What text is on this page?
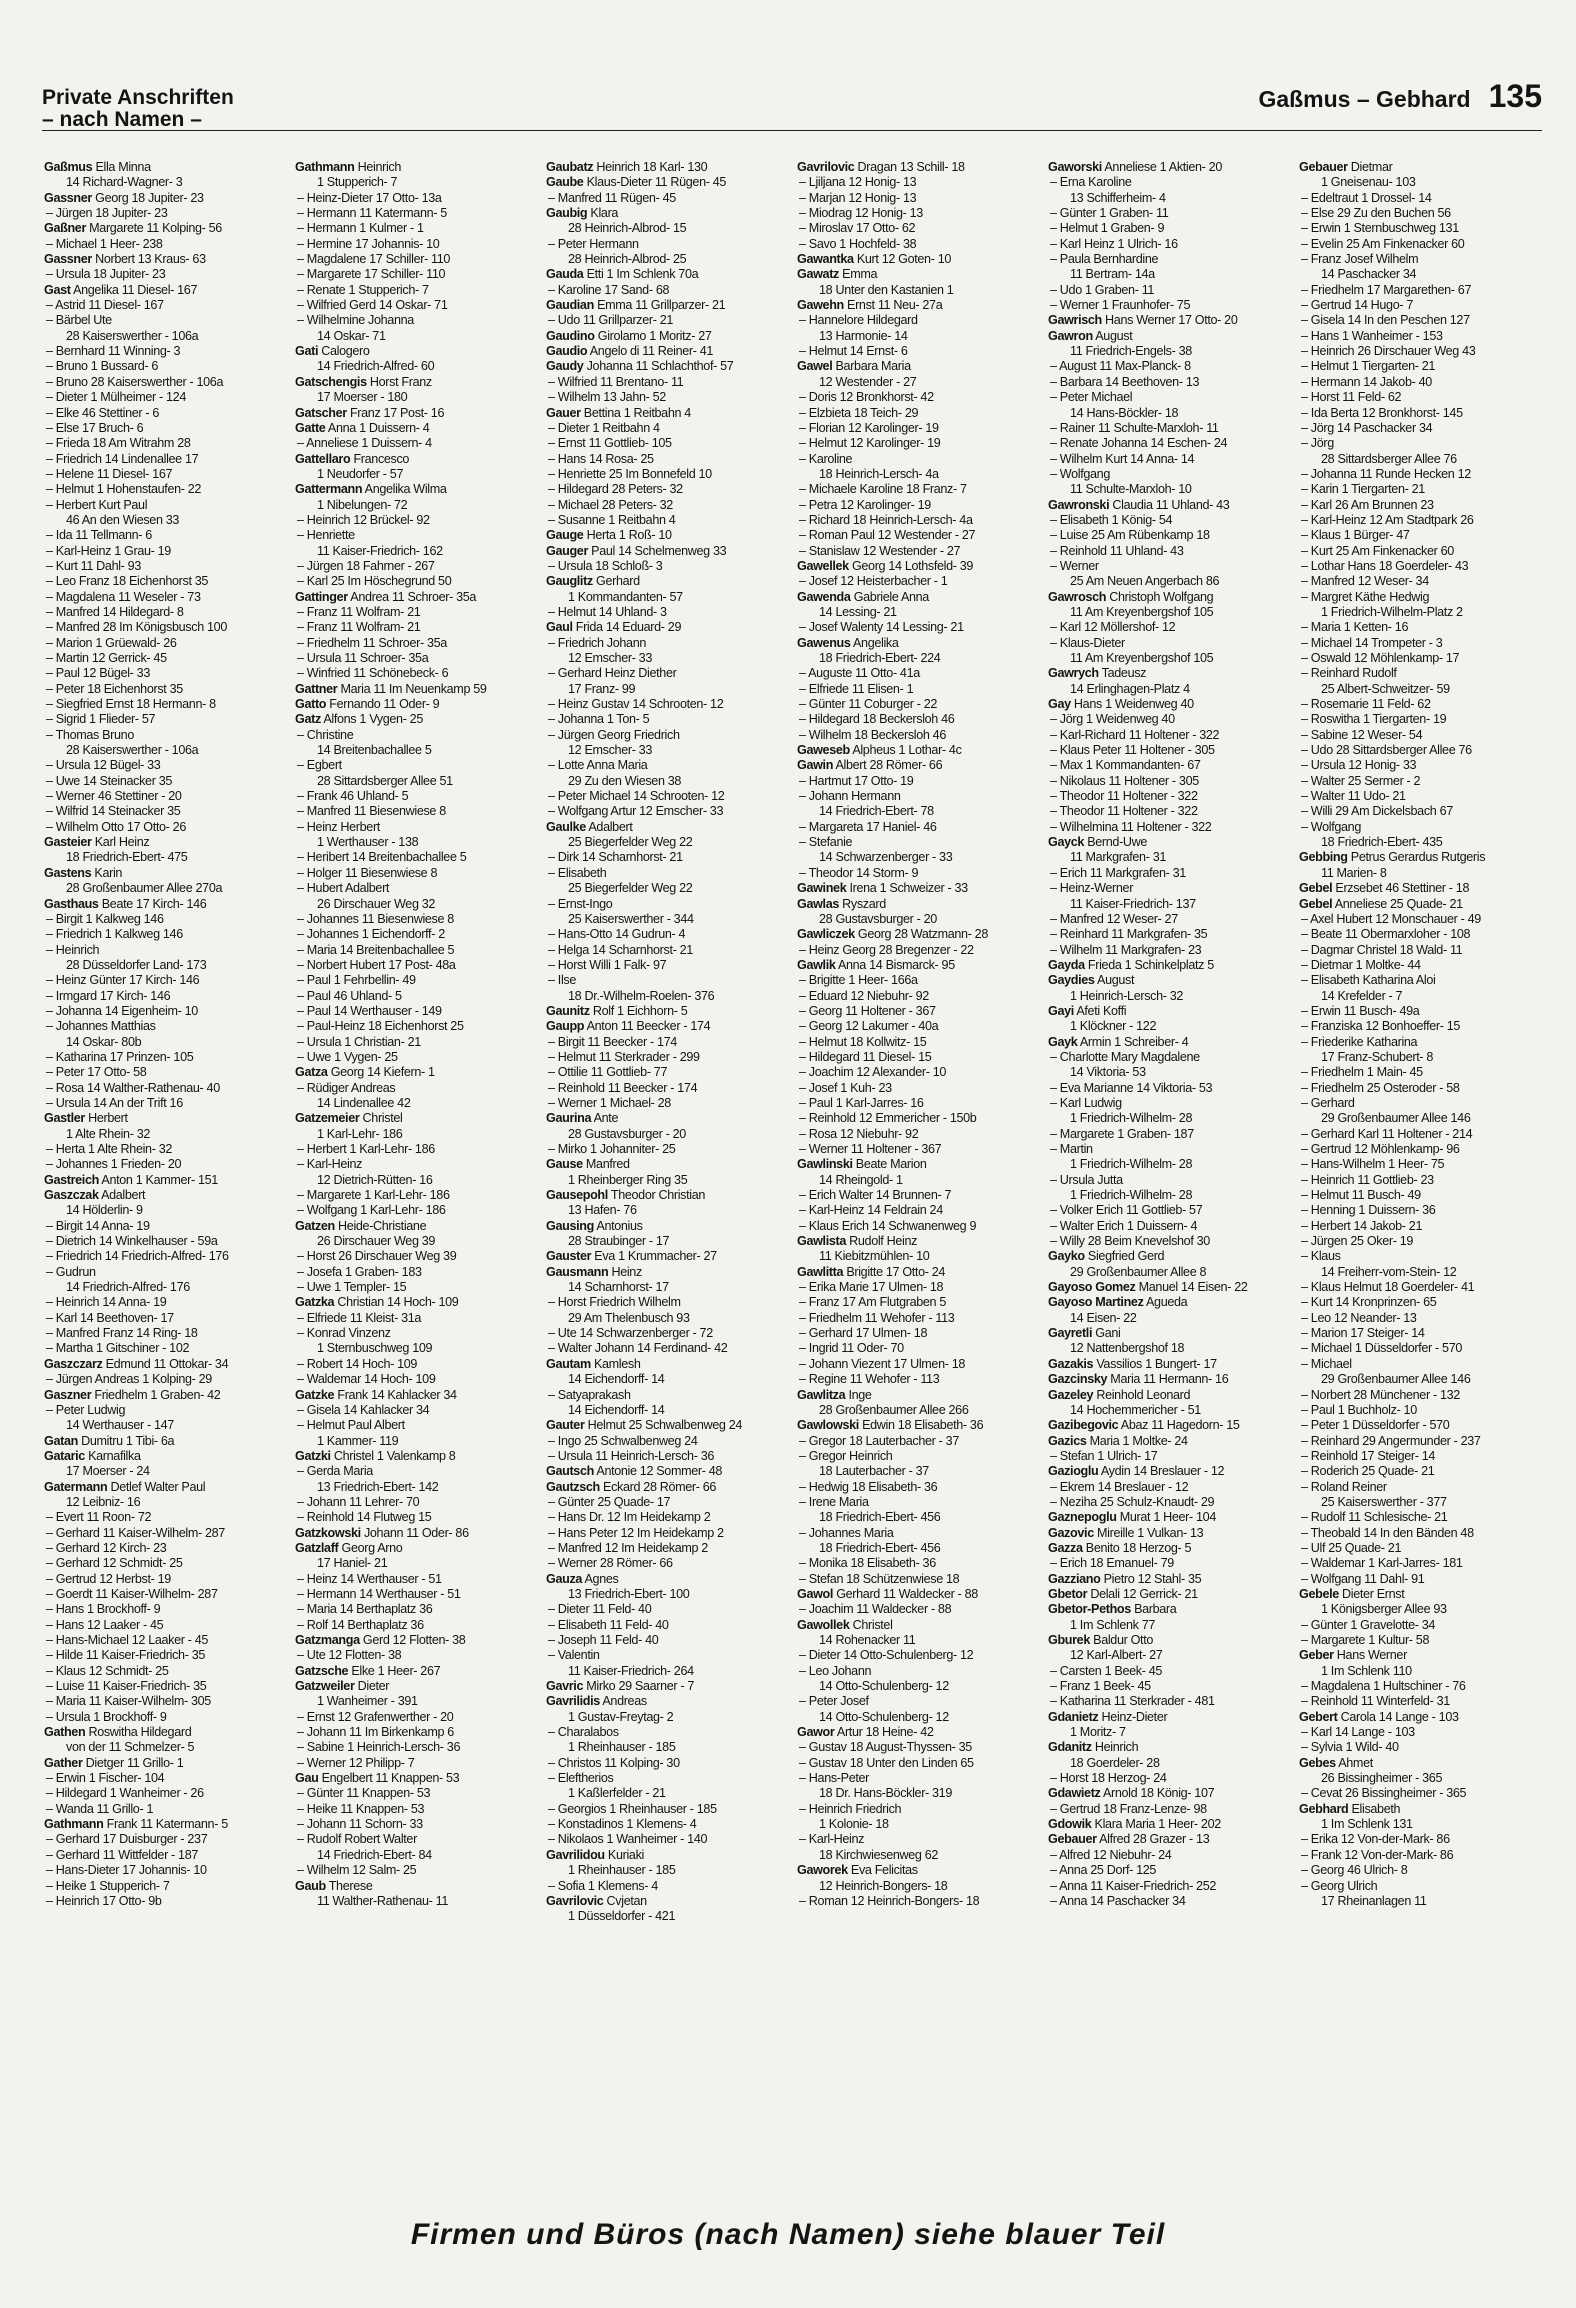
Private Anschriften
– nach Namen –
Gaßmus – Gebhard 135
Gaßmus Ella Minna
14 Richard-Wagner- 3
Gassner Georg 18 Jupiter- 23
– Jürgen 18 Jupiter- 23
Gaßner Margarete 11 Kolping- 56
– Michael 1 Heer- 238
Gassner Norbert 13 Kraus- 63
– Ursula 18 Jupiter- 23
Gast Angelika 11 Diesel- 167
– Astrid 11 Diesel- 167
– Bärbel Ute
28 Kaiserswerther - 106a
– Bernhard 11 Winning- 3
– Bruno 1 Bussard- 6
– Bruno 28 Kaiserswerther - 106a
– Dieter 1 Mülheimer - 124
– Elke 46 Stettiner - 6
– Else 17 Bruch- 6
– Frieda 18 Am Witrahm 28
– Friedrich 14 Lindenallee 17
– Helene 11 Diesel- 167
– Helmut 1 Hohenstaufen- 22
– Herbert Kurt Paul
46 An den Wiesen 33
– Ida 11 Tellmann- 6
– Karl-Heinz 1 Grau- 19
– Kurt 11 Dahl- 93
– Leo Franz 18 Eichenhorst 35
– Magdalena 11 Weseler - 73
– Manfred 14 Hildegard- 8
– Manfred 28 Im Königsbusch 100
– Marion 1 Grüewald- 26
– Martin 12 Gerrick- 45
– Paul 12 Bügel- 33
– Peter 18 Eichenhorst 35
– Siegfried Ernst 18 Hermann- 8
– Sigrid 1 Flieder- 57
– Thomas Bruno
28 Kaiserswerther - 106a
– Ursula 12 Bügel- 33
– Uwe 14 Steinacker 35
– Werner 46 Stettiner - 20
– Wilfrid 14 Steinacker 35
– Wilhelm Otto 17 Otto- 26
Gasteier Karl Heinz
18 Friedrich-Ebert- 475
Gastens Karin
28 Großenbaumer Allee 270a
Gasthaus Beate 17 Kirch- 146
– Birgit 1 Kalkweg 146
– Friedrich 1 Kalkweg 146
– Heinrich
28 Düsseldorfer Land- 173
– Heinz Günter 17 Kirch- 146
– Irmgard 17 Kirch- 146
– Johanna 14 Eigenheim- 10
– Johannes Matthias
14 Oskar- 80b
– Katharina 17 Prinzen- 105
– Peter 17 Otto- 58
– Rosa 14 Walther-Rathenau- 40
– Ursula 14 An der Trift 16
Gastler Herbert
1 Alte Rhein- 32
– Herta 1 Alte Rhein- 32
– Johannes 1 Frieden- 20
Gastreich Anton 1 Kammer- 151
Gaszczak Adalbert
14 Hölderlin- 9
– Birgit 14 Anna- 19
– Dietrich 14 Winkelhauser - 59a
– Friedrich 14 Friedrich-Alfred- 176
– Gudrun
14 Friedrich-Alfred- 176
– Heinrich 14 Anna- 19
– Karl 14 Beethoven- 17
– Manfred Franz 14 Ring- 18
– Martha 1 Gitschiner - 102
Gaszczarz Edmund 11 Ottokar- 34
– Jürgen Andreas 1 Kolping- 29
Gaszner Friedhelm 1 Graben- 42
– Peter Ludwig
14 Werthauser - 147
Gatan Dumitru 1 Tibi- 6a
Gataric Karnafilka
17 Moerser - 24
Gatermann Detlef Walter Paul
12 Leibniz- 16
– Evert 11 Roon- 72
– Gerhard 11 Kaiser-Wilhelm- 287
– Gerhard 12 Kirch- 23
– Gerhard 12 Schmidt- 25
– Gertrud 12 Herbst- 19
– Goerdt 11 Kaiser-Wilhelm- 287
– Hans 1 Brockhoff- 9
– Hans 12 Laaker - 45
– Hans-Michael 12 Laaker - 45
– Hilde 11 Kaiser-Friedrich- 35
– Klaus 12 Schmidt- 25
– Luise 11 Kaiser-Friedrich- 35
– Maria 11 Kaiser-Wilhelm- 305
– Ursula 1 Brockhoff- 9
Gathen Roswitha Hildegard
von der 11 Schmelzer- 5
Gather Dietger 11 Grillo- 1
– Erwin 1 Fischer- 104
– Hildegard 1 Wanheimer - 26
– Wanda 11 Grillo- 1
Gathmann Frank 11 Katermann- 5
– Gerhard 17 Duisburger - 237
– Gerhard 11 Wittfelder - 187
– Hans-Dieter 17 Johannis- 10
– Heike 1 Stupperich- 7
– Heinrich 17 Otto- 9b
Gathmann Heinrich
1 Stupperich- 7
– Heinz-Dieter 17 Otto- 13a
– Hermann 11 Katermann- 5
– Hermann 1 Kulmer - 1
– Hermine 17 Johannis- 10
– Magdalene 17 Schiller- 110
– Margarete 17 Schiller- 110
– Renate 1 Stupperich- 7
– Wilfried Gerd 14 Oskar- 71
– Wilhelmine Johanna
14 Oskar- 71
Gati Calogero
14 Friedrich-Alfred- 60
Gatschengis Horst Franz
17 Moerser - 180
Gatscher Franz 17 Post- 16
Gatte Anna 1 Duissern- 4
– Anneliese 1 Duissern- 4
Gattellaro Francesco
1 Neudorfer - 57
Gattermann Angelika Wilma
1 Nibelungen- 72
– Heinrich 12 Brückel- 92
– Henriette
11 Kaiser-Friedrich- 162
– Jürgen 18 Fahrner - 267
– Karl 25 Im Höschegrund 50
Gattinger Andrea 11 Schroer- 35a
– Franz 11 Wolfram- 21
– Franz 11 Wolfram- 21
– Friedhelm 11 Schroer- 35a
– Ursula 11 Schroer- 35a
– Winfried 11 Schönebeck- 6
Gattner Maria 11 Im Neuenkamp 59
Gatto Fernando 11 Oder- 9
Gatz Alfons 1 Vygen- 25
– Christine
14 Breitenbachallee 5
– Egbert
28 Sittardsberger Allee 51
– Frank 46 Uhland- 5
– Manfred 11 Biesenwiese 8
– Heinz Herbert
1 Werthauser - 138
– Heribert 14 Breitenbachallee 5
– Holger 11 Biesenwiese 8
– Hubert Adalbert
26 Dirschauer Weg 32
– Johannes 11 Biesenwiese 8
– Johannes 1 Eichendorff- 2
– Maria 14 Breitenbachallee 5
– Norbert Hubert 17 Post- 48a
– Paul 1 Fehrbellin- 49
– Paul 46 Uhland- 5
– Paul 14 Werthauser - 149
– Paul-Heinz 18 Eichenhorst 25
– Ursula 1 Christian- 21
– Uwe 1 Vygen- 25
Gatza Georg 14 Kiefern- 1
– Rüdiger Andreas
14 Lindenallee 42
Gatzemeier Christel
1 Karl-Lehr- 186
– Herbert 1 Karl-Lehr- 186
– Karl-Heinz
12 Dietrich-Rütten- 16
– Margarete 1 Karl-Lehr- 186
– Wolfgang 1 Karl-Lehr- 186
Gatzen Heide-Christiane
26 Dirschauer Weg 39
– Horst 26 Dirschauer Weg 39
– Josefa 1 Graben- 183
– Uwe 1 Templer- 15
Gatzka Christian 14 Hoch- 109
– Elfriede 11 Kleist- 31a
– Konrad Vinzenz
1 Sternbuschweg 109
– Robert 14 Hoch- 109
– Waldemar 14 Hoch- 109
Gatzke Frank 14 Kahlacker 34
– Gisela 14 Kahlacker 34
– Helmut Paul Albert
1 Kammer- 119
Gatzki Christel 1 Valenkamp 8
– Gerda Maria
13 Friedrich-Ebert- 142
– Johann 11 Lehrer- 70
– Reinhold 14 Flutweg 15
Gatzkowski Johann 11 Oder- 86
Gatzlaff Georg Arno
17 Haniel- 21
– Heinz 14 Werthauser - 51
– Hermann 14 Werthauser - 51
– Maria 14 Berthaplatz 36
– Rolf 14 Berthaplatz 36
Gatzmanga Gerd 12 Flotten- 38
– Ute 12 Flotten- 38
Gatzsche Elke 1 Heer- 267
Gatzweiler Dieter
1 Wanheimer - 391
– Ernst 12 Grafenwerther - 20
– Johann 11 Im Birkenkamp 6
– Sabine 1 Heinrich-Lersch- 36
– Werner 12 Philipp- 7
Gau Engelbert 11 Knappen- 53
– Günter 11 Knappen- 53
– Heike 11 Knappen- 53
– Johann 11 Schorn- 33
– Rudolf Robert Walter
14 Friedrich-Ebert- 84
– Wilhelm 12 Salm- 25
Gaub Therese
11 Walther-Rathenau- 11
Gaubatz Heinrich 18 Karl- 130
Gaube Klaus-Dieter 11 Rügen- 45
– Manfred 11 Rügen- 45
Gaubig Klara
28 Heinrich-Albrod- 15
– Peter Hermann
28 Heinrich-Albrod- 25
Gauda Etti 1 Im Schlenk 70a
– Karoline 17 Sand- 68
Gaudian Emma 11 Grillparzer- 21
– Udo 11 Grillparzer- 21
Gaudino Girolamo 1 Moritz- 27
Gaudio Angelo di 11 Reiner- 41
Gaudy Johanna 11 Schlachthof- 57
– Wilfried 11 Brentano- 11
– Wilhelm 13 Jahn- 52
Gauer Bettina 1 Reitbahn 4
– Dieter 1 Reitbahn 4
– Ernst 11 Gottlieb- 105
– Hans 14 Rosa- 25
– Henriette 25 Im Bonnefeld 10
– Hildegard 28 Peters- 32
– Michael 28 Peters- 32
– Susanne 1 Reitbahn 4
Gauge Herta 1 Roß- 10
Gauger Paul 14 Schelmenweg 33
– Ursula 18 Schloß- 3
Gauglitz Gerhard
1 Kommandanten- 57
– Helmut 14 Uhland- 3
Gaul Frida 14 Eduard- 29
– Friedrich Johann
12 Emscher- 33
– Gerhard Heinz Diether
17 Franz- 99
– Heinz Gustav 14 Schrooten- 12
– Johanna 1 Ton- 5
– Jürgen Georg Friedrich
12 Emscher- 33
– Lotte Anna Maria
29 Zu den Wiesen 38
– Peter Michael 14 Schrooten- 12
– Wolfgang Artur 12 Emscher- 33
Gaulke Adalbert
25 Biegerfelder Weg 22
– Dirk 14 Scharnhorst- 21
– Elisabeth
25 Biegerfelder Weg 22
– Ernst-Ingo
25 Kaiserswerther - 344
– Hans-Otto 14 Gudrun- 4
– Helga 14 Scharnhorst- 21
– Horst Willi 1 Falk- 97
– Ilse
18 Dr.-Wilhelm-Roelen- 376
Gaunitz Rolf 1 Eichhorn- 5
Gaupp Anton 11 Beecker - 174
– Birgit 11 Beecker - 174
– Helmut 11 Sterkrader - 299
– Ottilie 11 Gottlieb- 77
– Reinhold 11 Beecker - 174
– Werner 1 Michael- 28
Gaurina Ante
28 Gustavsburger - 20
– Mirko 1 Johanniter- 25
Gause Manfred
1 Rheinberger Ring 35
Gausepohl Theodor Christian
13 Hafen- 76
Gausing Antonius
28 Straubinger - 17
Gauster Eva 1 Krummacher- 27
Gausmann Heinz
14 Scharnhorst- 17
– Horst Friedrich Wilhelm
29 Am Thelenbusch 93
– Ute 14 Schwarzenberger - 72
– Walter Johann 14 Ferdinand- 42
Gautam Kamlesh
14 Eichendorff- 14
– Satyaprakash
14 Eichendorff- 14
Gauter Helmut 25 Schwalbenweg 24
– Ingo 25 Schwalbenweg 24
– Ursula 11 Heinrich-Lersch- 36
Gautsch Antonie 12 Sommer- 48
Gautzsch Eckard 28 Römer- 66
– Günter 25 Quade- 17
– Hans Dr. 12 Im Heidekamp 2
– Hans Peter 12 Im Heidekamp 2
– Manfred 12 Im Heidekamp 2
– Werner 28 Römer- 66
Gauza Agnes
13 Friedrich-Ebert- 100
– Dieter 11 Feld- 40
– Elisabeth 11 Feld- 40
– Joseph 11 Feld- 40
– Valentin
11 Kaiser-Friedrich- 264
Gavric Mirko 29 Saarner - 7
Gavrilidis Andreas
1 Gustav-Freytag- 2
– Charalabos
1 Rheinhauser - 185
– Christos 11 Kolping- 30
– Eleftherios
1 Kaßlerfelder - 21
– Georgios 1 Rheinhauser - 185
– Konstadinos 1 Klemens- 4
– Nikolaos 1 Wanheimer - 140
Gavrilidou Kuriaki
1 Rheinhauser - 185
– Sofia 1 Klemens- 4
Gavrilovic Cvjetan
1 Düsseldorfer - 421
Gavrilovic Dragan 13 Schill- 18
– Ljiljana 12 Honig- 13
– Marjan 12 Honig- 13
– Miodrag 12 Honig- 13
– Miroslav 17 Otto- 62
– Savo 1 Hochfeld- 38
Gawantka Kurt 12 Goten- 10
Gawatz Emma
18 Unter den Kastanien 1
Gawehn Ernst 11 Neu- 27a
– Hannelore Hildegard
13 Harmonie- 14
– Helmut 14 Ernst- 6
Gawel Barbara Maria
12 Westender - 27
– Doris 12 Bronkhorst- 42
– Elzbieta 18 Teich- 29
– Florian 12 Karolinger- 19
– Helmut 12 Karolinger- 19
– Karoline
18 Heinrich-Lersch- 4a
– Michaele Karoline 18 Franz- 7
– Petra 12 Karolinger- 19
– Richard 18 Heinrich-Lersch- 4a
– Roman Paul 12 Westender - 27
– Stanislaw 12 Westender - 27
Gawellek Georg 14 Lothsfeld- 39
– Josef 12 Heisterbacher - 1
Gawenda Gabriele Anna
14 Lessing- 21
– Josef Walenty 14 Lessing- 21
Gawenus Angelika
18 Friedrich-Ebert- 224
– Auguste 11 Otto- 41a
– Elfriede 11 Elisen- 1
– Günter 11 Coburger - 22
– Hildegard 18 Beckersloh 46
– Wilhelm 18 Beckersloh 46
Gaweseb Alpheus 1 Lothar- 4c
Gawin Albert 28 Römer- 66
– Hartmut 17 Otto- 19
– Johann Hermann
14 Friedrich-Ebert- 78
– Margareta 17 Haniel- 46
– Stefanie
14 Schwarzenberger - 33
– Theodor 14 Storm- 9
Gawinek Irena 1 Schweizer - 33
Gawlas Ryszard
28 Gustavsburger - 20
Gawliczek Georg 28 Watzmann- 28
– Heinz Georg 28 Bregenzer - 22
Gawlik Anna 14 Bismarck- 95
– Brigitte 1 Heer- 166a
– Eduard 12 Niebuhr- 92
– Georg 11 Holtener - 367
– Georg 12 Lakumer - 40a
– Helmut 18 Kollwitz- 15
– Hildegard 11 Diesel- 15
– Joachim 12 Alexander- 10
– Josef 1 Kuh- 23
– Paul 1 Karl-Jarres- 16
– Reinhold 12 Emmericher - 150b
– Rosa 12 Niebuhr- 92
– Werner 11 Holtener - 367
Gawlinski Beate Marion
14 Rheingold- 1
– Erich Walter 14 Brunnen- 7
– Karl-Heinz 14 Feldrain 24
– Klaus Erich 14 Schwanenweg 9
Gawlista Rudolf Heinz
11 Kiebitzmühlen- 10
Gawlitta Brigitte 17 Otto- 24
– Erika Marie 17 Ulmen- 18
– Franz 17 Am Flutgraben 5
– Friedhelm 11 Wehofer - 113
– Gerhard 17 Ulmen- 18
– Ingrid 11 Oder- 70
– Johann Viezent 17 Ulmen- 18
– Regine 11 Wehofer - 113
Gawlitza Inge
28 Großenbaumer Allee 266
Gawlowski Edwin 18 Elisabeth- 36
– Gregor 18 Lauterbacher - 37
– Gregor Heinrich
18 Lauterbacher - 37
– Hedwig 18 Elisabeth- 36
– Irene Maria
18 Friedrich-Ebert- 456
– Johannes Maria
18 Friedrich-Ebert- 456
– Monika 18 Elisabeth- 36
– Stefan 18 Schützenwiese 18
Gawol Gerhard 11 Waldecker - 88
– Joachim 11 Waldecker - 88
Gawollek Christel
14 Rohenacker 11
– Dieter 14 Otto-Schulenberg- 12
– Leo Johann
14 Otto-Schulenberg- 12
– Peter Josef
14 Otto-Schulenberg- 12
Gawor Artur 18 Heine- 42
– Gustav 18 August-Thyssen- 35
– Gustav 18 Unter den Linden 65
– Hans-Peter
18 Dr. Hans-Böckler- 319
– Heinrich Friedrich
1 Kolonie- 18
– Karl-Heinz
18 Kirchwiesenweg 62
Gaworek Eva Felicitas
12 Heinrich-Bongers- 18
– Roman 12 Heinrich-Bongers- 18
Gaworski Anneliese 1 Aktien- 20
– Erna Karoline
13 Schifferheim- 4
– Günter 1 Graben- 11
– Helmut 1 Graben- 9
– Karl Heinz 1 Ulrich- 16
– Paula Bernhardine
11 Bertram- 14a
– Udo 1 Graben- 11
– Werner 1 Fraunhofer- 75
Gawrisch Hans Werner 17 Otto- 20
Gawron August
11 Friedrich-Engels- 38
– August 11 Max-Planck- 8
– Barbara 14 Beethoven- 13
– Peter Michael
14 Hans-Böckler- 18
– Rainer 11 Schulte-Marxloh- 11
– Renate Johanna 14 Eschen- 24
– Wilhelm Kurt 14 Anna- 14
– Wolfgang
11 Schulte-Marxloh- 10
Gawronski Claudia 11 Uhland- 43
– Elisabeth 1 König- 54
– Luise 25 Am Rübenkamp 18
– Reinhold 11 Uhland- 43
– Werner
25 Am Neuen Angerbach 86
Gawrosch Christoph Wolfgang
11 Am Kreyenbergshof 105
– Karl 12 Möllershof- 12
– Klaus-Dieter
11 Am Kreyenbergshof 105
Gawrych Tadeusz
14 Erlinghagen-Platz 4
Gay Hans 1 Weidenweg 40
– Jörg 1 Weidenweg 40
– Karl-Richard 11 Holtener - 322
– Klaus Peter 11 Holtener - 305
– Max 1 Kommandanten- 67
– Nikolaus 11 Holtener - 305
– Theodor 11 Holtener - 322
– Theodor 11 Holtener - 322
– Wilhelmina 11 Holtener - 322
Gayck Bernd-Uwe
11 Markgrafen- 31
– Erich 11 Markgrafen- 31
– Heinz-Werner
11 Kaiser-Friedrich- 137
– Manfred 12 Weser- 27
– Reinhard 11 Markgrafen- 35
– Wilhelm 11 Markgrafen- 23
Gayda Frieda 1 Schinkelplatz 5
Gaydies August
1 Heinrich-Lersch- 32
Gayi Afeti Koffi
1 Klöckner - 122
Gayk Armin 1 Schreiber- 4
– Charlotte Mary Magdalene
14 Viktoria- 53
– Eva Marianne 14 Viktoria- 53
– Karl Ludwig
1 Friedrich-Wilhelm- 28
– Margarete 1 Graben- 187
– Martin
1 Friedrich-Wilhelm- 28
– Ursula Jutta
1 Friedrich-Wilhelm- 28
– Volker Erich 11 Gottlieb- 57
– Walter Erich 1 Duissern- 4
– Willy 28 Beim Knevelshof 30
Gayko Siegfried Gerd
29 Großenbaumer Allee 8
Gayoso Gomez Manuel 14 Eisen- 22
Gayoso Martinez Agueda
14 Eisen- 22
Gayretli Gani
12 Nattenbergshof 18
Gazakis Vassilios 1 Bungert- 17
Gazcinsky Maria 11 Hermann- 16
Gazeley Reinhold Leonard
14 Hochemmericher - 51
Gazibegovic Abaz 11 Hagedorn- 15
Gazics Maria 1 Moltke- 24
– Stefan 1 Ulrich- 17
Gazioglu Aydin 14 Breslauer - 12
– Ekrem 14 Breslauer - 12
– Neziha 25 Schulz-Knaudt- 29
Gaznepoglu Murat 1 Heer- 104
Gazovic Mireille 1 Vulkan- 13
Gazza Benito 18 Herzog- 5
– Erich 18 Emanuel- 79
Gazziano Pietro 12 Stahl- 35
Gbetor Delali 12 Gerrick- 21
Gbetor-Pethos Barbara
1 Im Schlenk 77
Gburek Baldur Otto
12 Karl-Albert- 27
– Carsten 1 Beek- 45
– Franz 1 Beek- 45
– Katharina 11 Sterkrader - 481
Gdanietz Heinz-Dieter
1 Moritz- 7
Gdanitz Heinrich
18 Goerdeler- 28
– Horst 18 Herzog- 24
Gdawietz Arnold 18 König- 107
– Gertrud 18 Franz-Lenze- 98
Gdowik Klara Maria 1 Heer- 202
Gebauer Alfred 28 Grazer - 13
– Alfred 12 Niebuhr- 24
– Anna 25 Dorf- 125
– Anna 11 Kaiser-Friedrich- 252
– Anna 14 Paschacker 34
Gebauer Dietmar
1 Gneisenau- 103
– Edeltraut 1 Drossel- 14
– Else 29 Zu den Buchen 56
– Erwin 1 Sternbuschweg 131
– Evelin 25 Am Finkenacker 60
– Franz Josef Wilhelm
14 Paschacker 34
– Friedhelm 17 Margarethen- 67
– Gertrud 14 Hugo- 7
– Gisela 14 In den Peschen 127
– Hans 1 Wanheimer - 153
– Heinrich 26 Dirschauer Weg 43
– Helmut 1 Tiergarten- 21
– Hermann 14 Jakob- 40
– Horst 11 Feld- 62
– Ida Berta 12 Bronkhorst- 145
– Jörg 14 Paschacker 34
– Jörg
28 Sittardsberger Allee 76
– Johanna 11 Runde Hecken 12
– Karin 1 Tiergarten- 21
– Karl 26 Am Brunnen 23
– Karl-Heinz 12 Am Stadtpark 26
– Klaus 1 Bürger- 47
– Kurt 25 Am Finkenacker 60
– Lothar Hans 18 Goerdeler- 43
– Manfred 12 Weser- 34
– Margret Käthe Hedwig
1 Friedrich-Wilhelm-Platz 2
– Maria 1 Ketten- 16
– Michael 14 Trompeter - 3
– Oswald 12 Möhlenkamp- 17
– Reinhard Rudolf
25 Albert-Schweitzer- 59
– Rosemarie 11 Feld- 62
– Roswitha 1 Tiergarten- 19
– Sabine 12 Weser- 54
– Udo 28 Sittardsberger Allee 76
– Ursula 12 Honig- 33
– Walter 25 Sermer - 2
– Walter 11 Udo- 21
– Willi 29 Am Dickelsbach 67
– Wolfgang
18 Friedrich-Ebert- 435
Gebbing Petrus Gerardus Rutgeris
11 Marien- 8
Gebel Erzsebet 46 Stettiner - 18
Gebel Anneliese 25 Quade- 21
– Axel Hubert 12 Monschauer - 49
– Beate 11 Obermarxloher - 108
– Dagmar Christel 18 Wald- 11
– Dietmar 1 Moltke- 44
– Elisabeth Katharina Aloi
14 Krefelder - 7
– Erwin 11 Busch- 49a
– Franziska 12 Bonhoeffer- 15
– Friederike Katharina
17 Franz-Schubert- 8
– Friedhelm 1 Main- 45
– Friedhelm 25 Osteroder - 58
– Gerhard
29 Großenbaumer Allee 146
– Gerhard Karl 11 Holtener - 214
– Gertrud 12 Möhlenkamp- 96
– Hans-Wilhelm 1 Heer- 75
– Heinrich 11 Gottlieb- 23
– Helmut 11 Busch- 49
– Henning 1 Duissern- 36
– Herbert 14 Jakob- 21
– Jürgen 25 Oker- 19
– Klaus
14 Freiherr-vom-Stein- 12
– Klaus Helmut 18 Goerdeler- 41
– Kurt 14 Kronprinzen- 65
– Leo 12 Neander- 13
– Marion 17 Steiger- 14
– Michael 1 Düsseldorfer - 570
– Michael
29 Großenbaumer Allee 146
– Norbert 28 Münchener - 132
– Paul 1 Buchholz- 10
– Peter 1 Düsseldorfer - 570
– Reinhard 29 Angermunder - 237
– Reinhold 17 Steiger- 14
– Roderich 25 Quade- 21
– Roland Reiner
25 Kaiserswerther - 377
– Rudolf 11 Schlesische- 21
– Theobald 14 In den Bänden 48
– Ulf 25 Quade- 21
– Waldemar 1 Karl-Jarres- 181
– Wolfgang 11 Dahl- 91
Gebele Dieter Ernst
1 Königsberger Allee 93
– Günter 1 Gravelotte- 34
– Margarete 1 Kultur- 58
Geber Hans Werner
1 Im Schlenk 110
– Magdalena 1 Hultschiner - 76
– Reinhold 11 Winterfeld- 31
Gebert Carola 14 Lange - 103
– Karl 14 Lange - 103
– Sylvia 1 Wild- 40
Gebes Ahmet
26 Bissingheimer - 365
– Cevat 26 Bissingheimer - 365
Gebhard Elisabeth
1 Im Schlenk 131
– Erika 12 Von-der-Mark- 86
– Frank 12 Von-der-Mark- 86
– Georg 46 Ulrich- 8
– Georg Ulrich
17 Rheinanlagen 11
Firmen und Büros (nach Namen) siehe blauer Teil
